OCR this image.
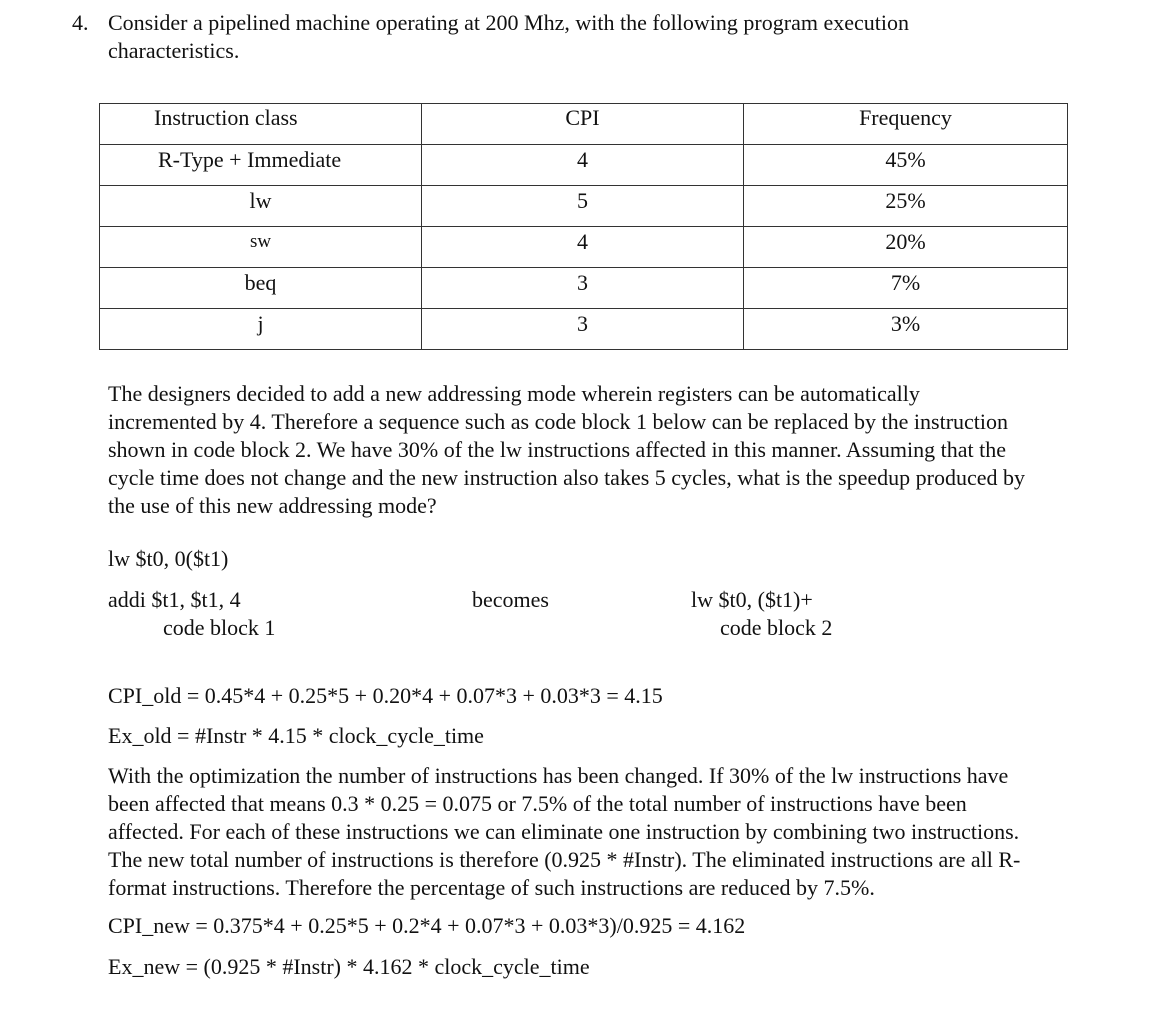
4. Consider a pipelined machine operating at 200 Mhz, with the following program execution
characteristics.
Instruction class	CPI	Frequency
R-Type + Immediate	4	45%
lw	5	25%
sw	4	20%
beq	3	7%
j	3	3%
The designers decided to add a new addressing mode wherein registers can be automatically
incremented by 4. Therefore a sequence such as code block 1 below can be replaced by the instruction
shown in code block 2. We have 30% of the lw instructions affected in this manner. Assuming that the
cycle time does not change and the new instruction also takes 5 cycles, what is the speedup produced by
the use of this new addressing mode?
lw $t0, 0($t1)
addi $t1, $t1, 4
code block 1
becomes	lw $t0, ($t1)+
code block 2
CPI_old = 0.45*4 + 0.25*5 + 0.20*4 + 0.07*3 + 0.03*3 = 4.15
Ex_old = #Instr * 4.15 * clock_cycle_time
With the optimization the number of instructions has been changed. If 30% of the lw instructions have
been affected that means 0.3 * 0.25 = 0.075 or 7.5% of the total number of instructions have been
affected. For each of these instructions we can eliminate one instruction by combining two instructions.
The new total number of instructions is therefore (0.925 * #Instr). The eliminated instructions are all R-
format instructions. Therefore the percentage of such instructions are reduced by 7.5%.
CPI_new = 0.375*4 + 0.25*5 + 0.2*4 + 0.07*3 + 0.03*3)/0.925 = 4.162
Ex_new = (0.925 * #Instr) * 4.162 * clock_cycle_time
